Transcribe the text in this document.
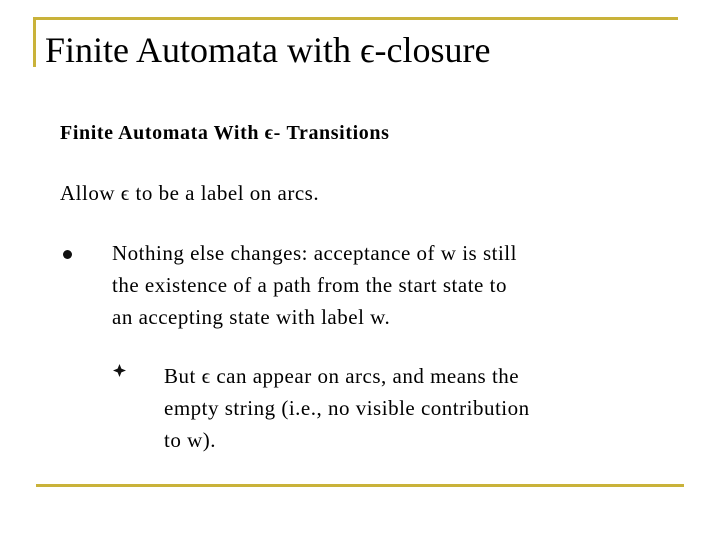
Finite Automata with ϵ-closure
Finite Automata With ϵ- Transitions
Allow ϵ to be a label on arcs.
Nothing else changes: acceptance of w is still
the existence of a path from the start state to
an accepting state with label w.
But ϵ can appear on arcs, and means the
empty string (i.e., no visible contribution
to w).
